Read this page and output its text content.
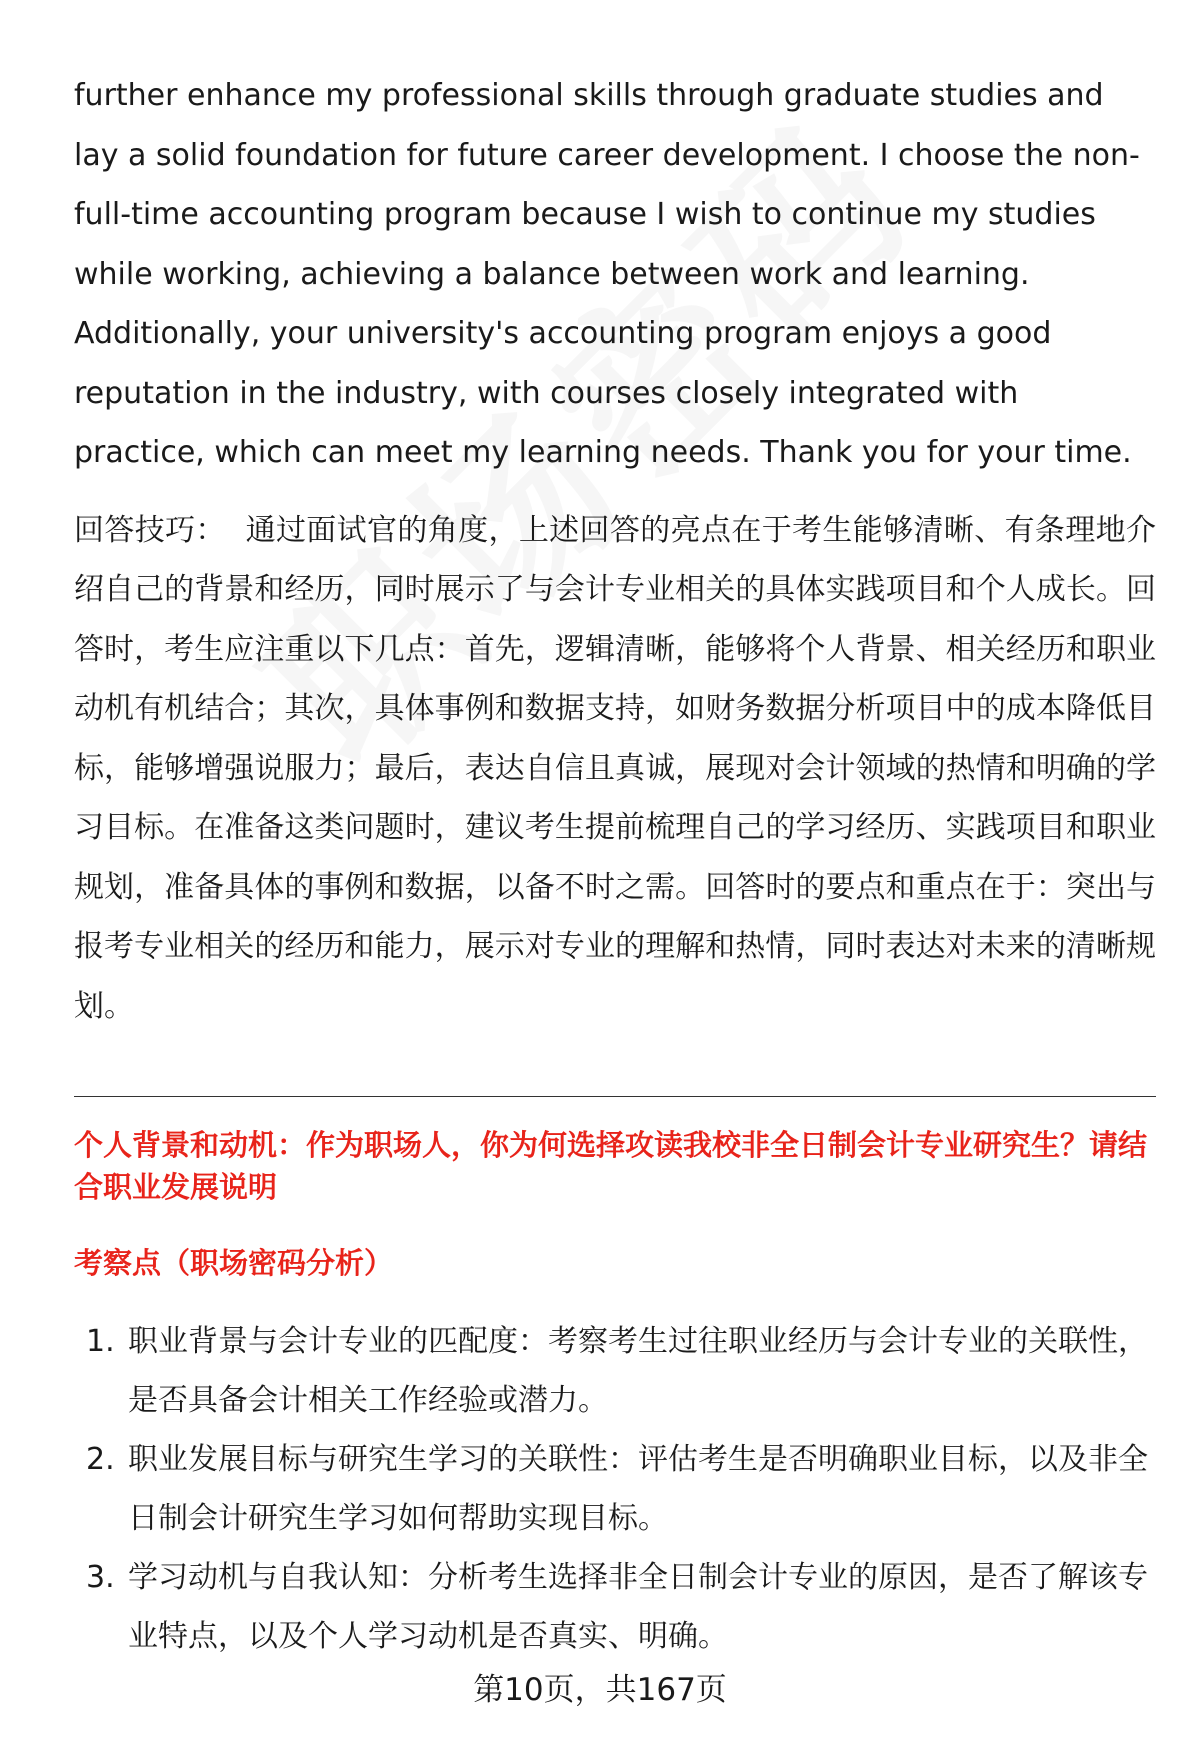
further enhance my professional skills through graduate studies and lay a solid foundation for future career development. I choose the non-full-time accounting program because I wish to continue my studies while working, achieving a balance between work and learning. Additionally, your university's accounting program enjoys a good reputation in the industry, with courses closely integrated with practice, which can meet my learning needs. Thank you for your time.

回答技巧： 通过面试官的角度，上述回答的亮点在于考生能够清晰、有条理地介绍自己的背景和经历，同时展示了与会计专业相关的具体实践项目和个人成长。回答时，考生应注重以下几点：首先，逻辑清晰，能够将个人背景、相关经历和职业动机有机结合；其次，具体事例和数据支持，如财务数据分析项目中的成本降低目标，能够增强说服力；最后，表达自信且真诚，展现对会计领域的热情和明确的学习目标。在准备这类问题时，建议考生提前梳理自己的学习经历、实践项目和职业规划，准备具体的事例和数据，以备不时之需。回答时的要点和重点在于：突出与报考专业相关的经历和能力，展示对专业的理解和热情，同时表达对未来的清晰规划。

个人背景和动机：作为职场人，你为何选择攻读我校非全日制会计专业研究生？请结合职业发展说明
考察点（职场密码分析）
1. 职业背景与会计专业的匹配度：考察考生过往职业经历与会计专业的关联性，是否具备会计相关工作经验或潜力。
2. 职业发展目标与研究生学习的关联性：评估考生是否明确职业目标，以及非全日制会计研究生学习如何帮助实现目标。
3. 学习动机与自我认知：分析考生选择非全日制会计专业的原因，是否了解该专业特点，以及个人学习动机是否真实、明确。
第10页，共167页
